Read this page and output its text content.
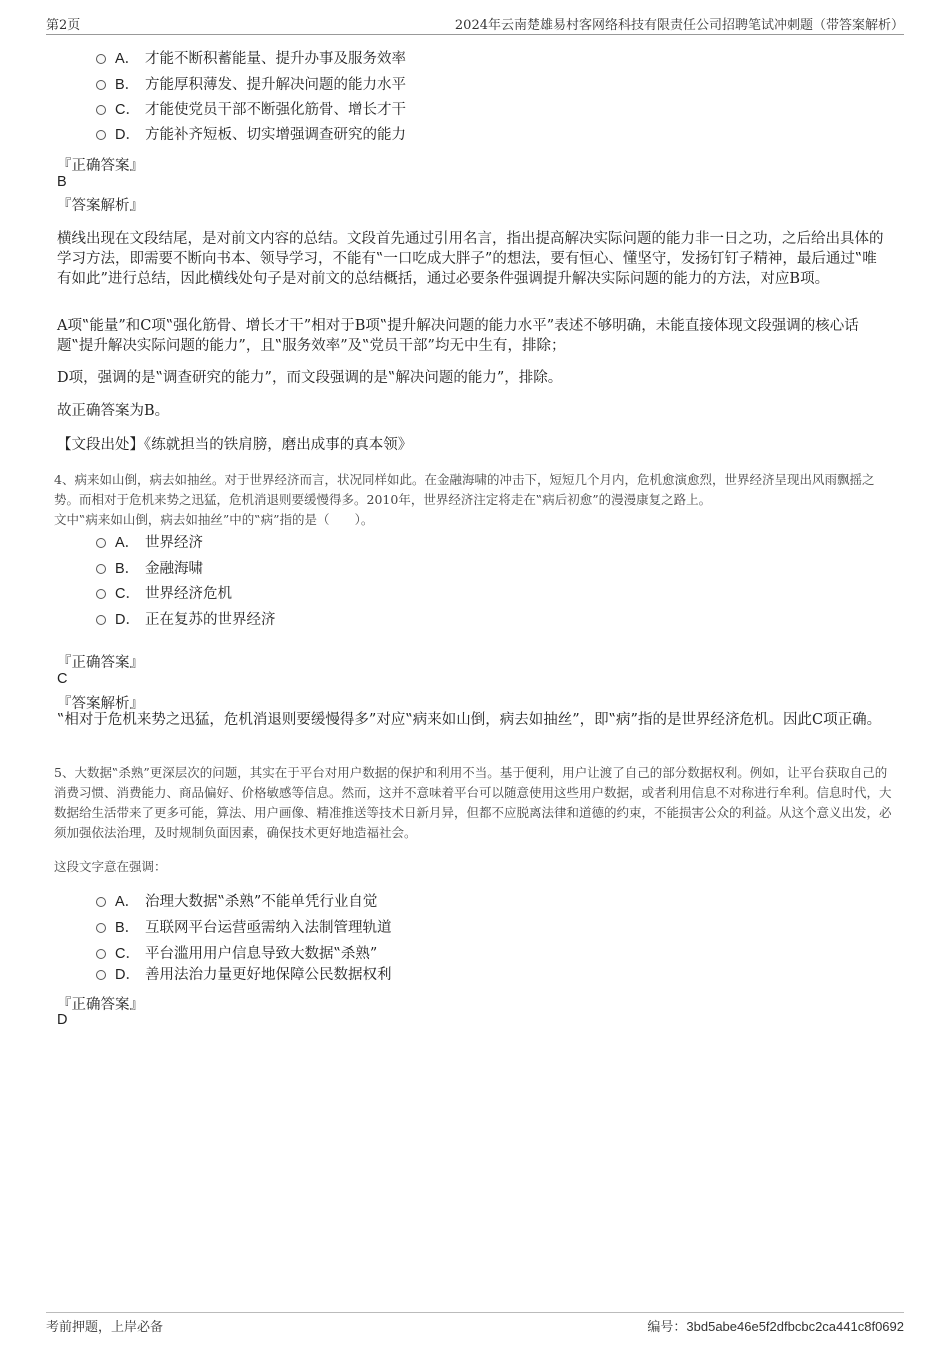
第2页	2024年云南楚雄易村客网络科技有限责任公司招聘笔试冲刺题（带答案解析）
A． 才能不断积蓄能量、提升办事及服务效率
B． 方能厚积薄发、提升解决问题的能力水平
C． 才能使党员干部不断强化筋骨、增长才干
D． 方能补齐短板、切实增强调查研究的能力
『正确答案』
B
『答案解析』
横线出现在文段结尾，是对前文内容的总结。文段首先通过引用名言，指出提高解决实际问题的能力非一日之功，之后给出具体的学习方法，即需要不断向书本、领导学习，不能有‟一口吃成大胖子”的想法，要有恒心、懂坚守，发扬钉钉子精神，最后通过‟唯有如此”进行总结，因此横线处句子是对前文的总结概括，通过必要条件强调提升解决实际问题的能力的方法，对应B项。
A项‟能量”和C项‟强化筋骨、增长才干”相对于B项‟提升解决问题的能力水平”表述不够明确，未能直接体现文段强调的核心话题‟提升解决实际问题的能力”，且‟服务效率”及‟党员干部”均无中生有，排除；
D项，强调的是‟调查研究的能力”，而文段强调的是‟解决问题的能力”，排除。
故正确答案为B。
【文段出处】《练就担当的铁肩膀，磨出成事的真本领》
4、病来如山倒，病去如抽丝。对于世界经济而言，状况同样如此。在金融海啸的冲击下，短短几个月内，危机愈演愈烈，世界经济呈现出风雨飘摇之势。而相对于危机来势之迅猛，危机消退则要缓慢得多。2010年，世界经济注定将走在‟病后初愈”的漫漫康复之路上。
文中‟病来如山倒，病去如抽丝”中的‟病”指的是（　　）。
A． 世界经济
B． 金融海啸
C． 世界经济危机
D． 正在复苏的世界经济
『正确答案』
C
『答案解析』
‟相对于危机来势之迅猛，危机消退则要缓慢得多”对应‟病来如山倒，病去如抽丝”，即‟病”指的是世界经济危机。因此C项正确。
5、大数据‟杀熟”更深层次的问题，其实在于平台对用户数据的保护和利用不当。基于便利，用户让渡了自己的部分数据权利。例如，让平台获取自己的消费习惯、消费能力、商品偏好、价格敏感等信息。然而，这并不意味着平台可以随意使用这些用户数据，或者利用信息不对称进行牟利。信息时代，大数据给生活带来了更多可能，算法、用户画像、精准推送等技术日新月异，但都不应脱离法律和道德的约束，不能损害公众的利益。从这个意义出发，必须加强依法治理，及时规制负面因素，确保技术更好地造福社会。
这段文字意在强调：
A． 治理大数据‟杀熟”不能单凭行业自觉
B． 互联网平台运营亟需纳入法制管理轨道
C． 平台滥用用户信息导致大数据‟杀熟”
D． 善用法治力量更好地保障公民数据权利
『正确答案』
D
考前押题，上岸必备	编号：3bd5abe46e5f2dfbcbc2ca441c8f0692
